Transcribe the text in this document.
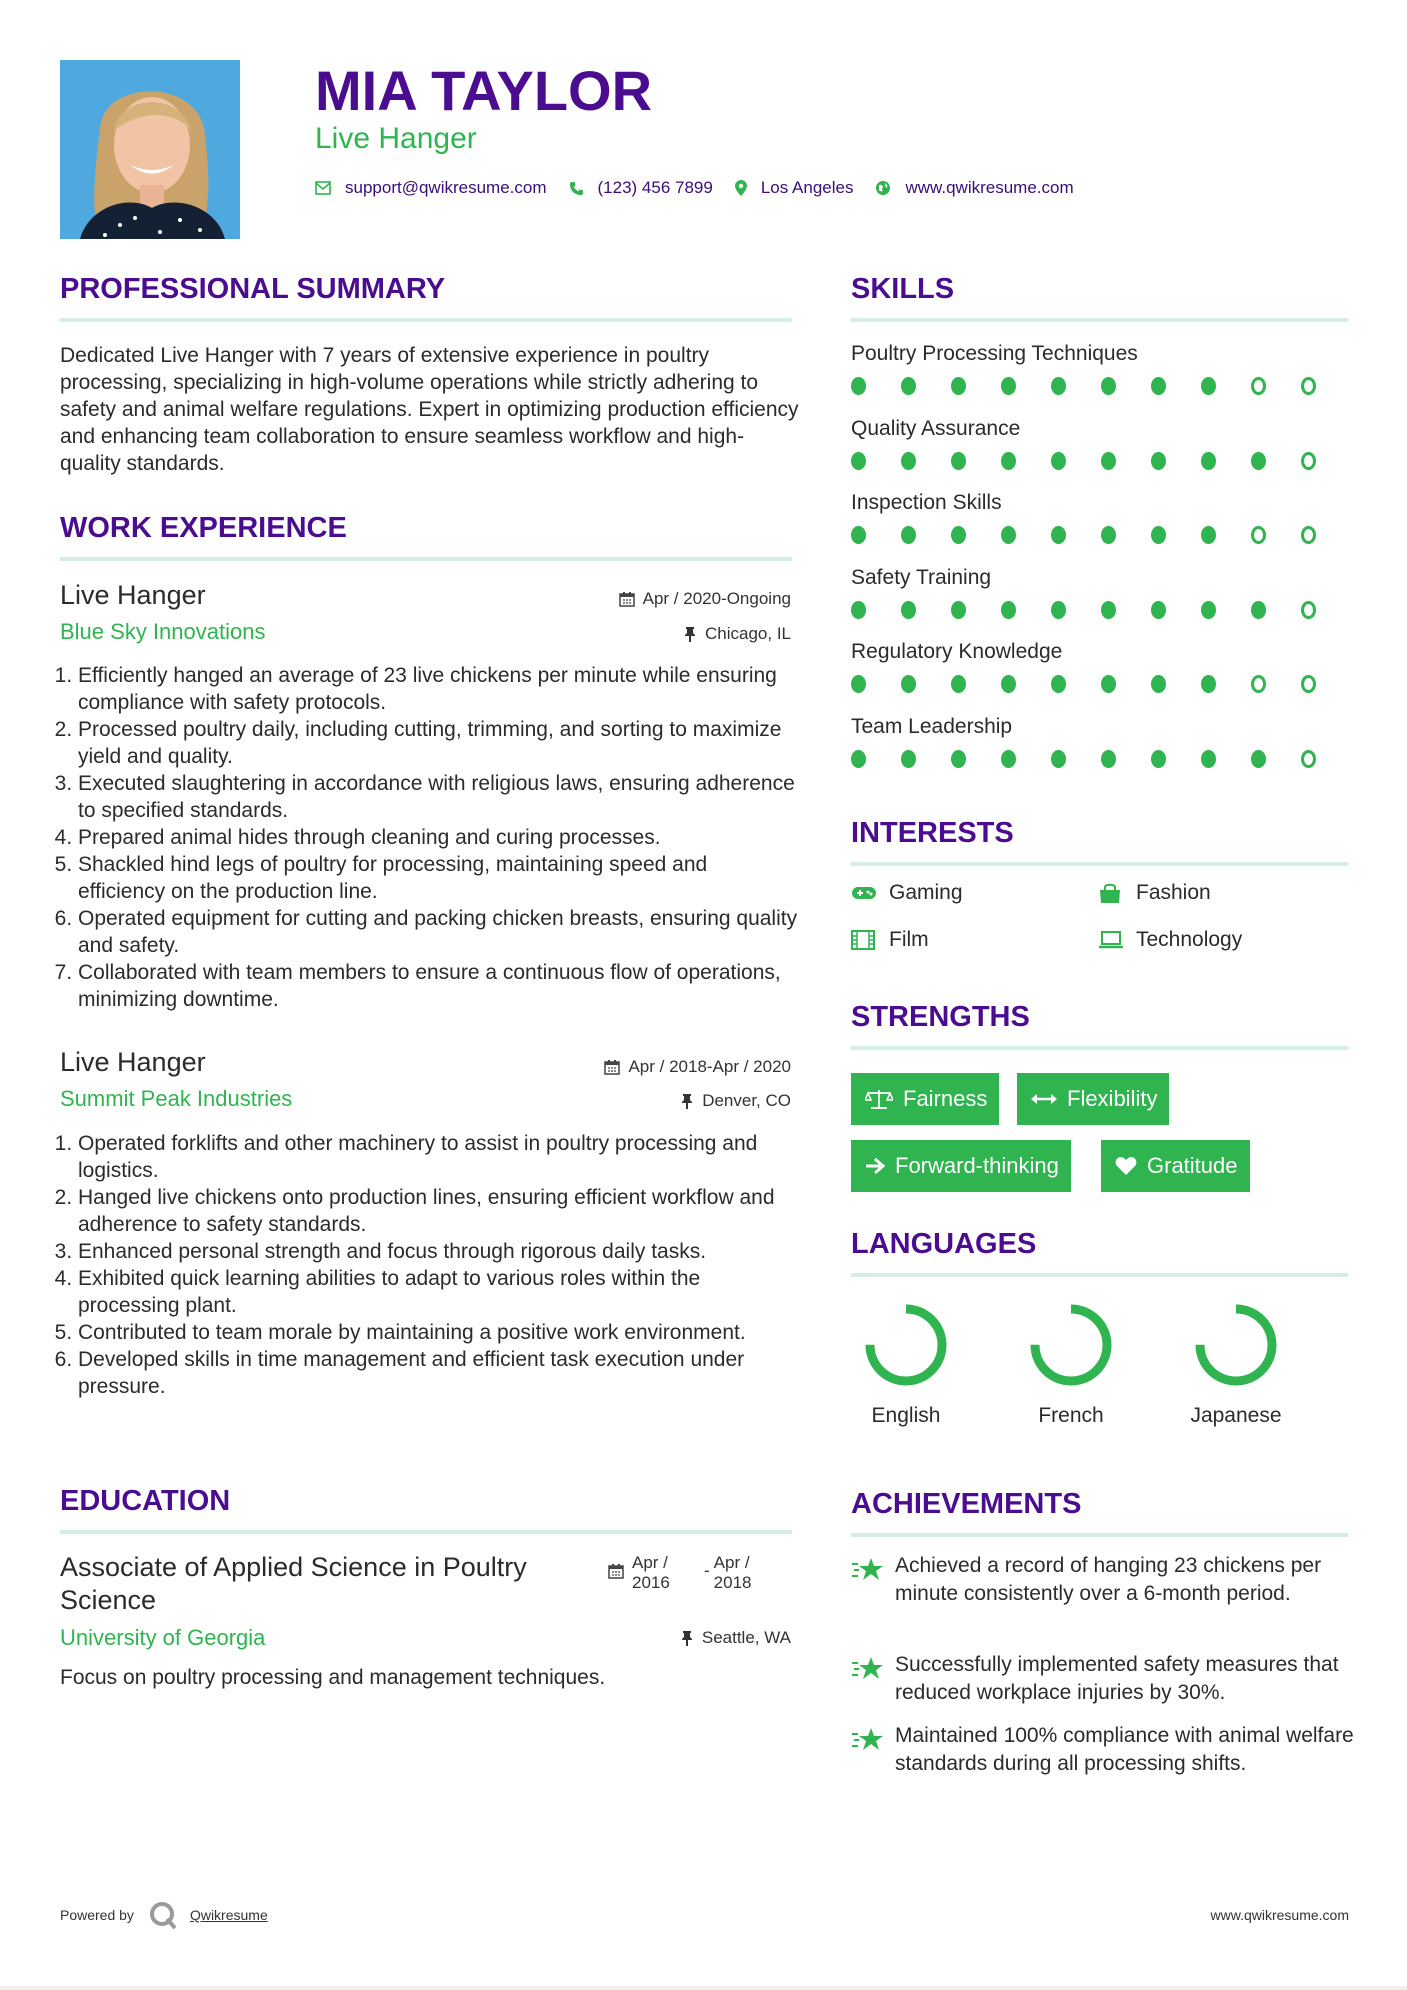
MIA TAYLOR
Live Hanger
support@qwikresume.com	(123) 456 7899	Los Angeles	www.qwikresume.com
PROFESSIONAL SUMMARY
Dedicated Live Hanger with 7 years of extensive experience in poultry processing, specializing in high-volume operations while strictly adhering to safety and animal welfare regulations. Expert in optimizing production efficiency and enhancing team collaboration to ensure seamless workflow and high-quality standards.
WORK EXPERIENCE
Live Hanger
Blue Sky Innovations
Apr / 2020-Ongoing
Chicago, IL
1. Efficiently hanged an average of 23 live chickens per minute while ensuring compliance with safety protocols.
2. Processed poultry daily, including cutting, trimming, and sorting to maximize yield and quality.
3. Executed slaughtering in accordance with religious laws, ensuring adherence to specified standards.
4. Prepared animal hides through cleaning and curing processes.
5. Shackled hind legs of poultry for processing, maintaining speed and efficiency on the production line.
6. Operated equipment for cutting and packing chicken breasts, ensuring quality and safety.
7. Collaborated with team members to ensure a continuous flow of operations, minimizing downtime.
Live Hanger
Summit Peak Industries
Apr / 2018-Apr / 2020
Denver, CO
1. Operated forklifts and other machinery to assist in poultry processing and logistics.
2. Hanged live chickens onto production lines, ensuring efficient workflow and adherence to safety standards.
3. Enhanced personal strength and focus through rigorous daily tasks.
4. Exhibited quick learning abilities to adapt to various roles within the processing plant.
5. Contributed to team morale by maintaining a positive work environment.
6. Developed skills in time management and efficient task execution under pressure.
EDUCATION
Associate of Applied Science in Poultry Science
University of Georgia
Apr / 2016
- Apr / 2018
Seattle, WA
Focus on poultry processing and management techniques.
SKILLS
Poultry Processing Techniques
Quality Assurance
Inspection Skills
Safety Training
Regulatory Knowledge
Team Leadership
INTERESTS
Gaming	Fashion
Film	Technology
STRENGTHS
Fairness	Flexibility
Forward-thinking	Gratitude
LANGUAGES
English	French	Japanese
ACHIEVEMENTS
Achieved a record of hanging 23 chickens per minute consistently over a 6-month period.
Successfully implemented safety measures that reduced workplace injuries by 30%.
Maintained 100% compliance with animal welfare standards during all processing shifts.
Powered by	Qwikresume	www.qwikresume.com
